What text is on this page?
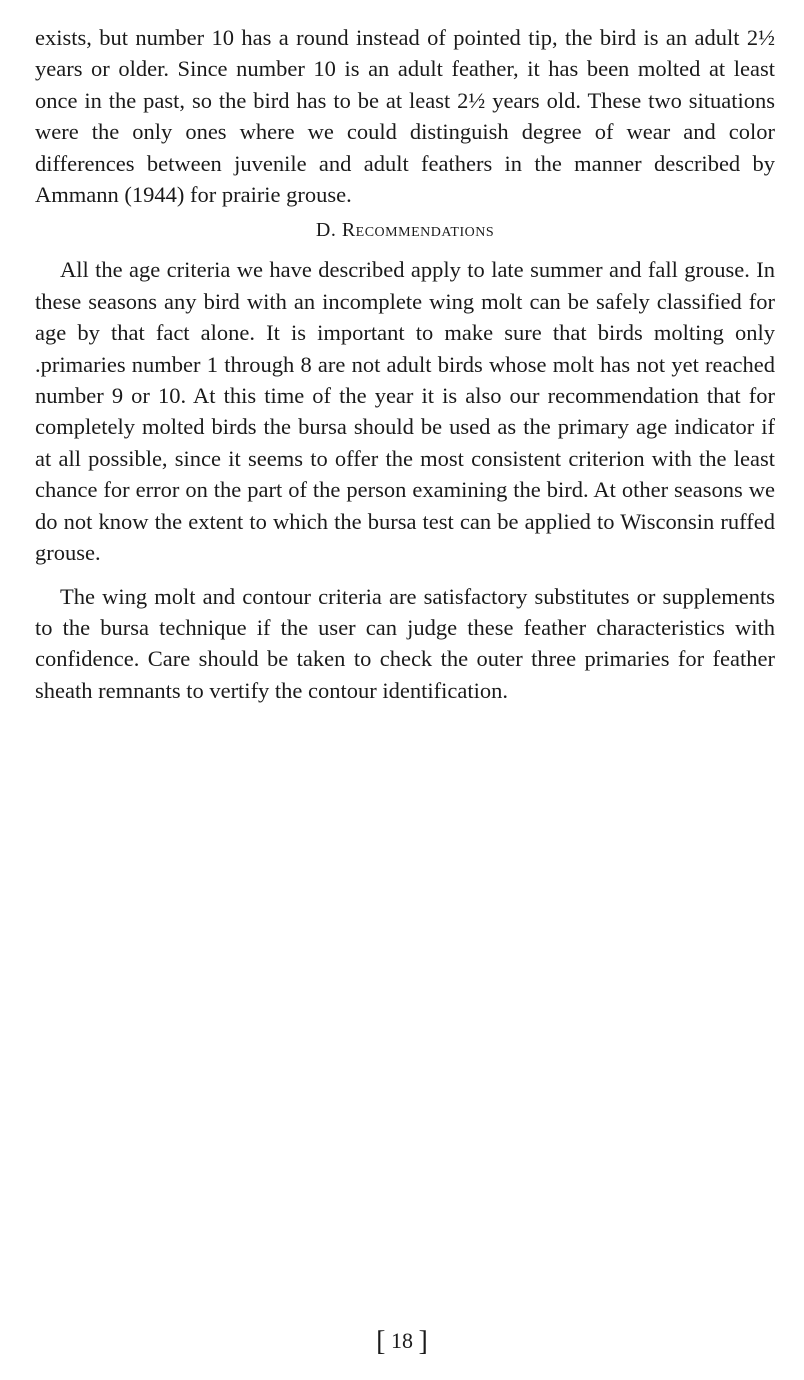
exists, but number 10 has a round instead of pointed tip, the bird is an adult 2½ years or older. Since number 10 is an adult feather, it has been molted at least once in the past, so the bird has to be at least 2½ years old. These two situations were the only ones where we could distinguish degree of wear and color differences between juvenile and adult feathers in the manner described by Ammann (1944) for prairie grouse.

D. Recommendations

All the age criteria we have described apply to late summer and fall grouse. In these seasons any bird with an incomplete wing molt can be safely classified for age by that fact alone. It is important to make sure that birds molting only .primaries number 1 through 8 are not adult birds whose molt has not yet reached number 9 or 10. At this time of the year it is also our recommendation that for completely molted birds the bursa should be used as the primary age indicator if at all possible, since it seems to offer the most consistent criterion with the least chance for error on the part of the person examining the bird. At other seasons we do not know the extent to which the bursa test can be applied to Wisconsin ruffed grouse.

The wing molt and contour criteria are satisfactory substitutes or supplements to the bursa technique if the user can judge these feather characteristics with confidence. Care should be taken to check the outer three primaries for feather sheath remnants to vertify the contour identification.

[ 18 ]
